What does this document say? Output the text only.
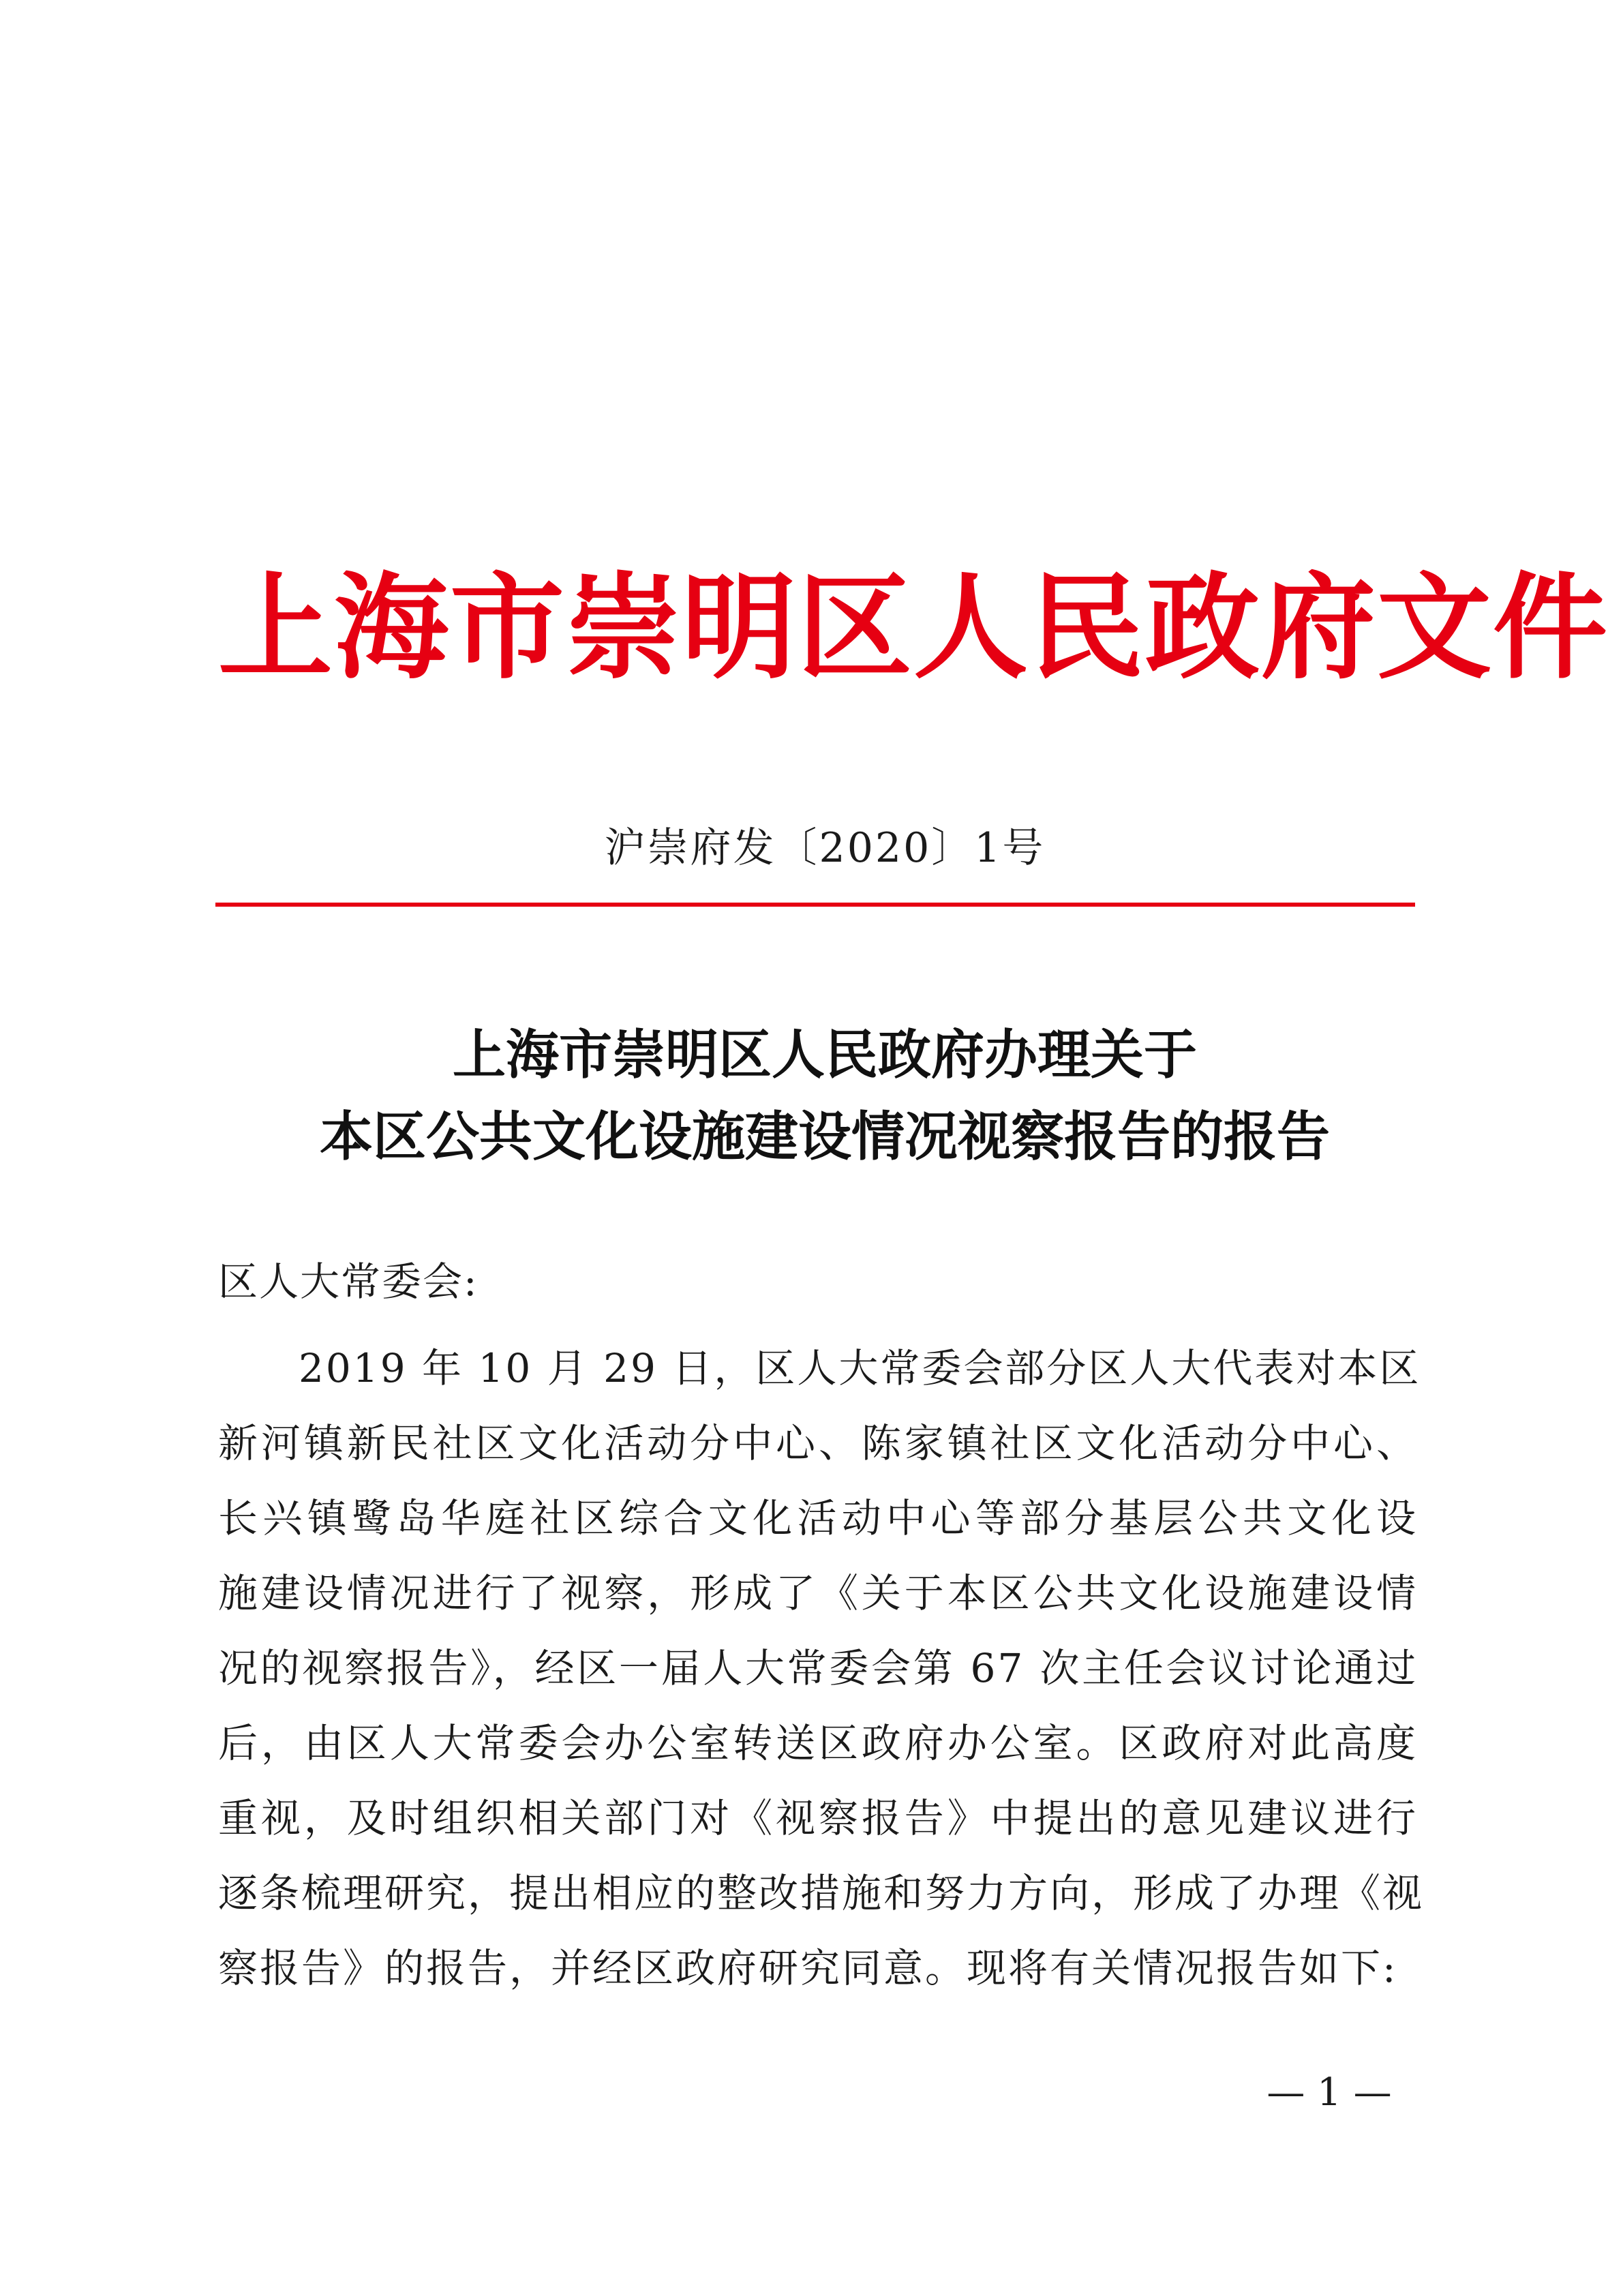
上海市崇明区人民政府文件
沪崇府发〔2020〕1号
上海市崇明区人民政府办理关于
本区公共文化设施建设情况视察报告的报告
区人大常委会:
2019 年 10 月 29 日，区人大常委会部分区人大代表对本区
新河镇新民社区文化活动分中心、陈家镇社区文化活动分中心、
长兴镇鹭岛华庭社区综合文化活动中心等部分基层公共文化设
施建设情况进行了视察，形成了《关于本区公共文化设施建设情
况的视察报告》，经区一届人大常委会第 67 次主任会议讨论通过
后，由区人大常委会办公室转送区政府办公室。区政府对此高度
重视，及时组织相关部门对《视察报告》中提出的意见建议进行
逐条梳理研究，提出相应的整改措施和努力方向，形成了办理《视
察报告》的报告，并经区政府研究同意。现将有关情况报告如下:
— 1 —
